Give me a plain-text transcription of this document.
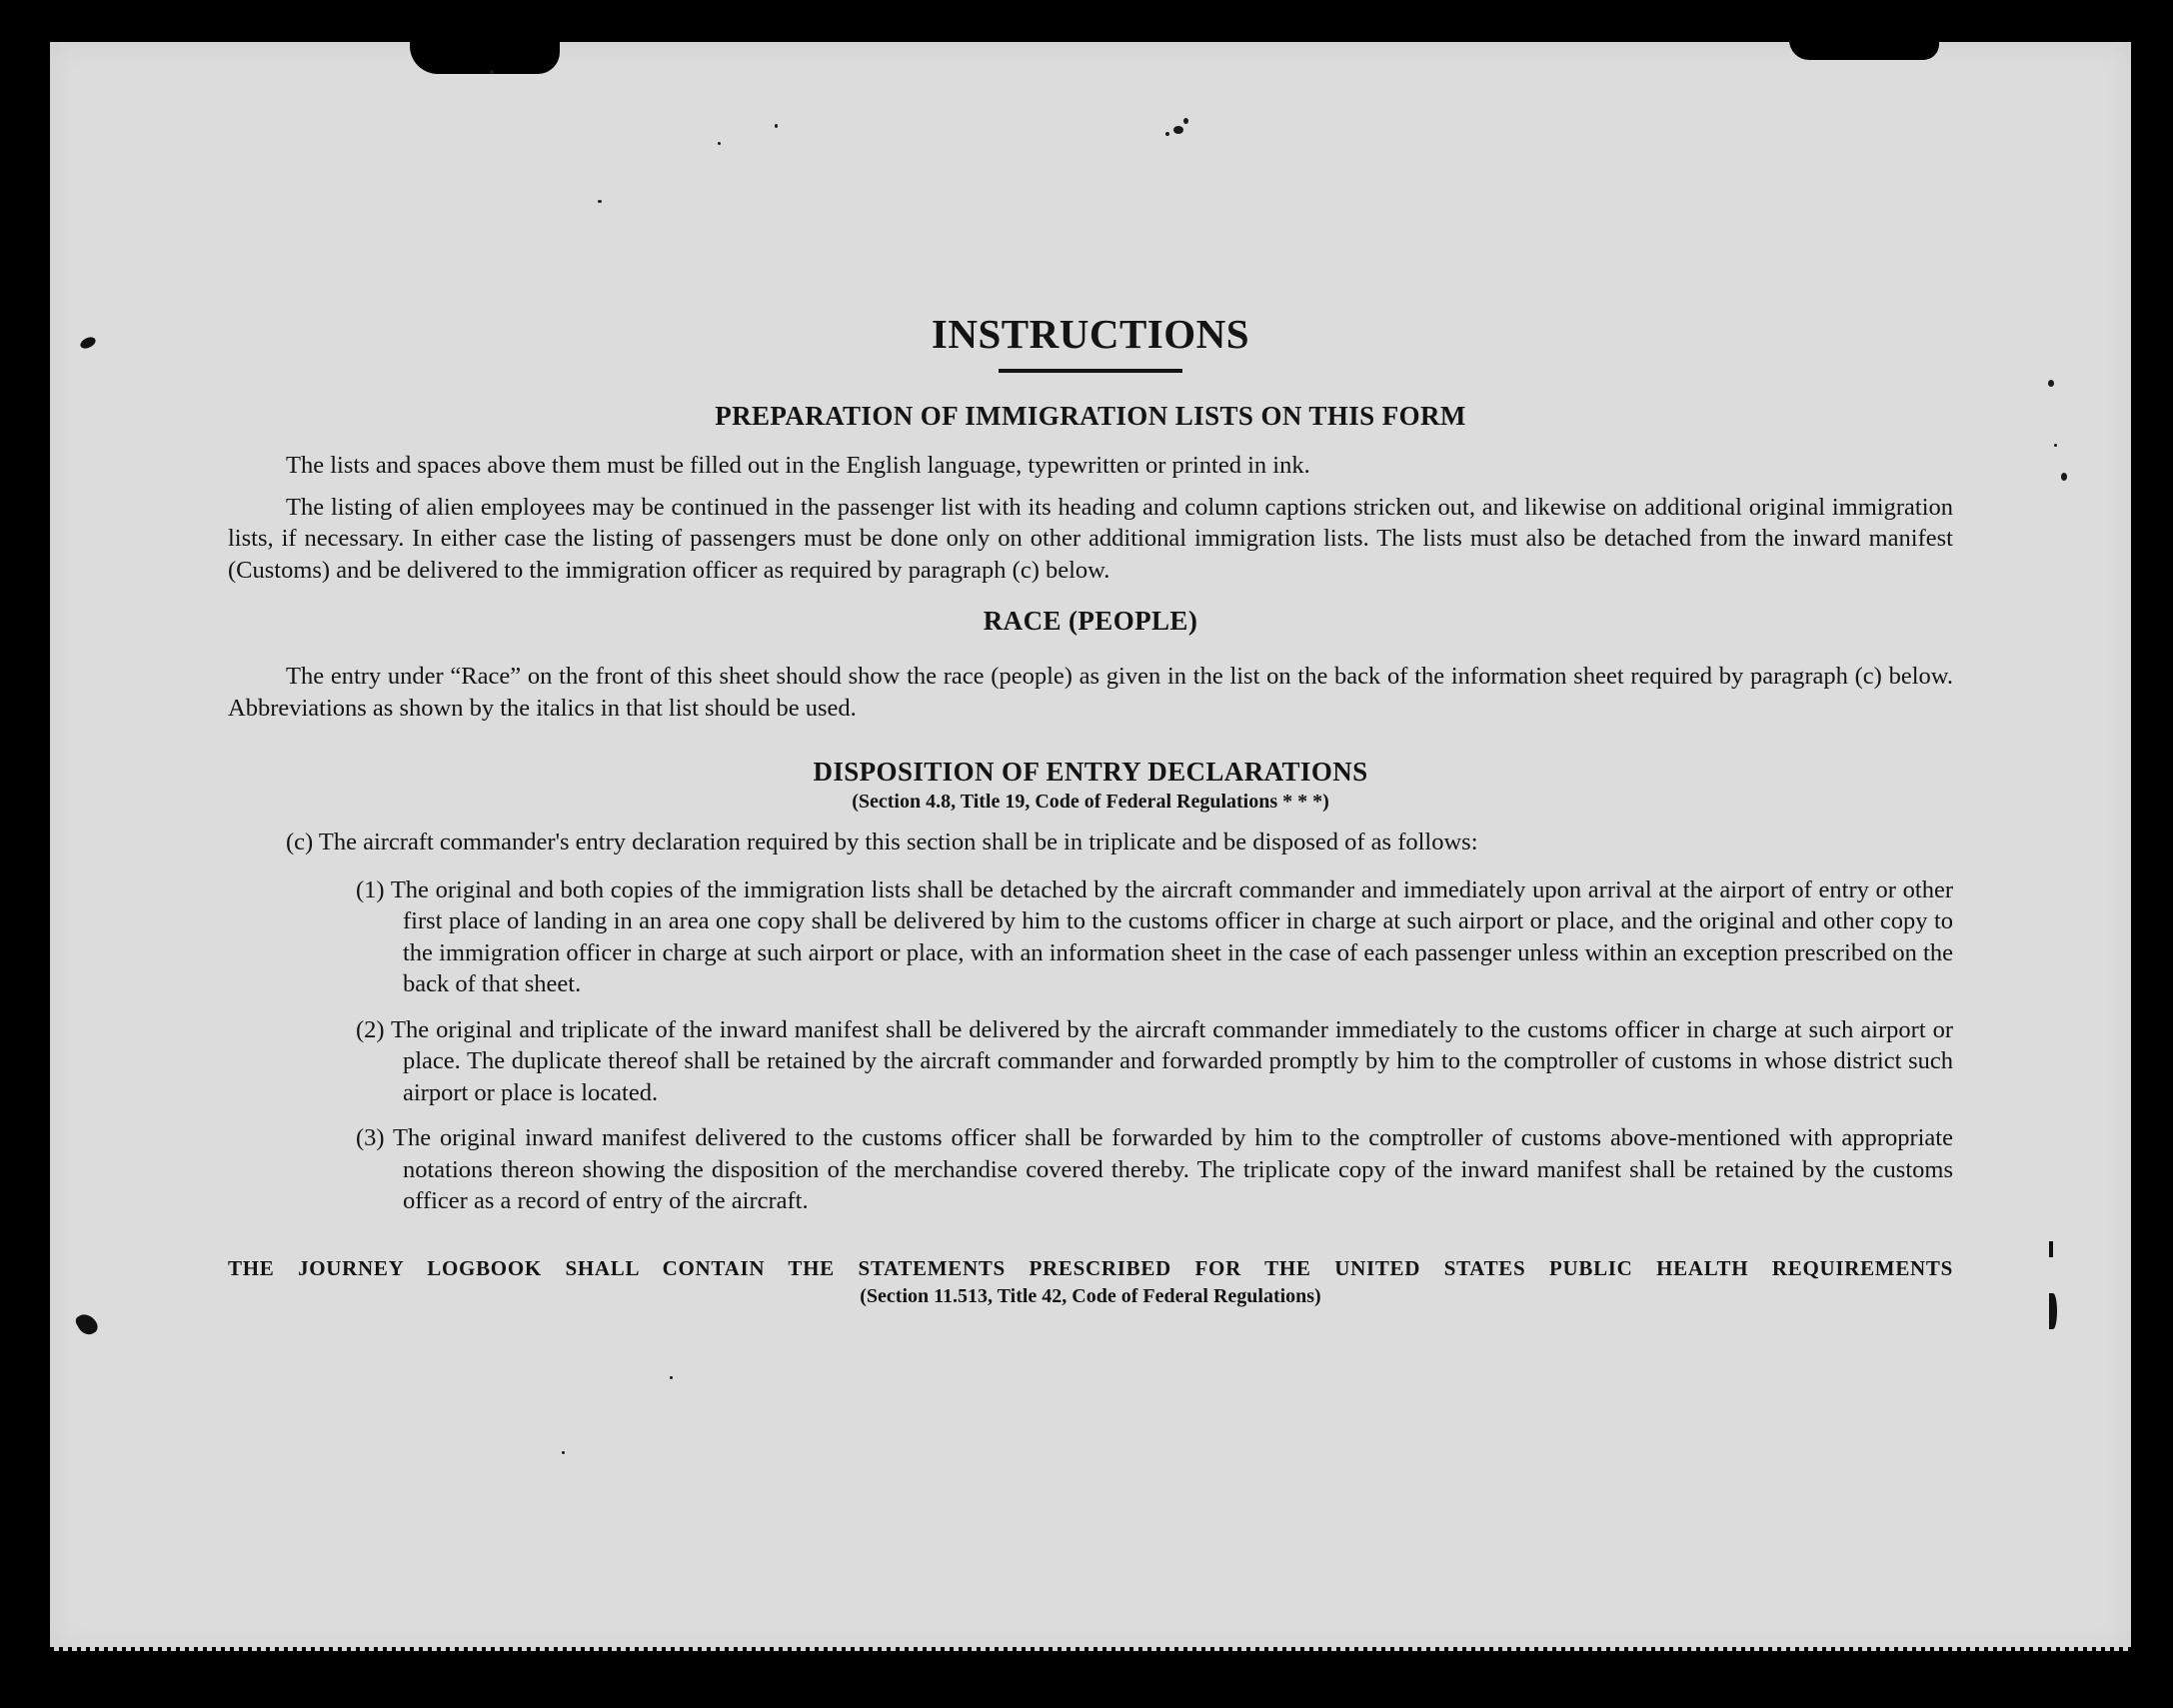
INSTRUCTIONS
PREPARATION OF IMMIGRATION LISTS ON THIS FORM

The lists and spaces above them must be filled out in the English language, typewritten or printed in ink.

The listing of alien employees may be continued in the passenger list with its heading and column captions stricken out, and likewise on additional original immigration lists, if necessary. In either case the listing of passengers must be done only on other additional immigration lists. The lists must also be detached from the inward manifest (Customs) and be delivered to the immigration officer as required by paragraph (c) below.

RACE (PEOPLE)

The entry under “Race” on the front of this sheet should show the race (people) as given in the list on the back of the information sheet required by paragraph (c) below. Abbreviations as shown by the italics in that list should be used.

DISPOSITION OF ENTRY DECLARATIONS
(Section 4.8, Title 19, Code of Federal Regulations * * *)

(c) The aircraft commander's entry declaration required by this section shall be in triplicate and be disposed of as follows:

(1) The original and both copies of the immigration lists shall be detached by the aircraft commander and immediately upon arrival at the airport of entry or other first place of landing in an area one copy shall be delivered by him to the customs officer in charge at such airport or place, and the original and other copy to the immigration officer in charge at such airport or place, with an information sheet in the case of each passenger unless within an exception prescribed on the back of that sheet.
(2) The original and triplicate of the inward manifest shall be delivered by the aircraft commander immediately to the customs officer in charge at such airport or place. The duplicate thereof shall be retained by the aircraft commander and forwarded promptly by him to the comptroller of customs in whose district such airport or place is located.
(3) The original inward manifest delivered to the customs officer shall be forwarded by him to the comptroller of customs above-mentioned with appropriate notations thereon showing the disposition of the merchandise covered thereby. The triplicate copy of the inward manifest shall be retained by the customs officer as a record of entry of the aircraft.
THE JOURNEY LOGBOOK SHALL CONTAIN THE STATEMENTS PRESCRIBED FOR THE UNITED STATES PUBLIC HEALTH REQUIREMENTS
(Section 11.513, Title 42, Code of Federal Regulations)
